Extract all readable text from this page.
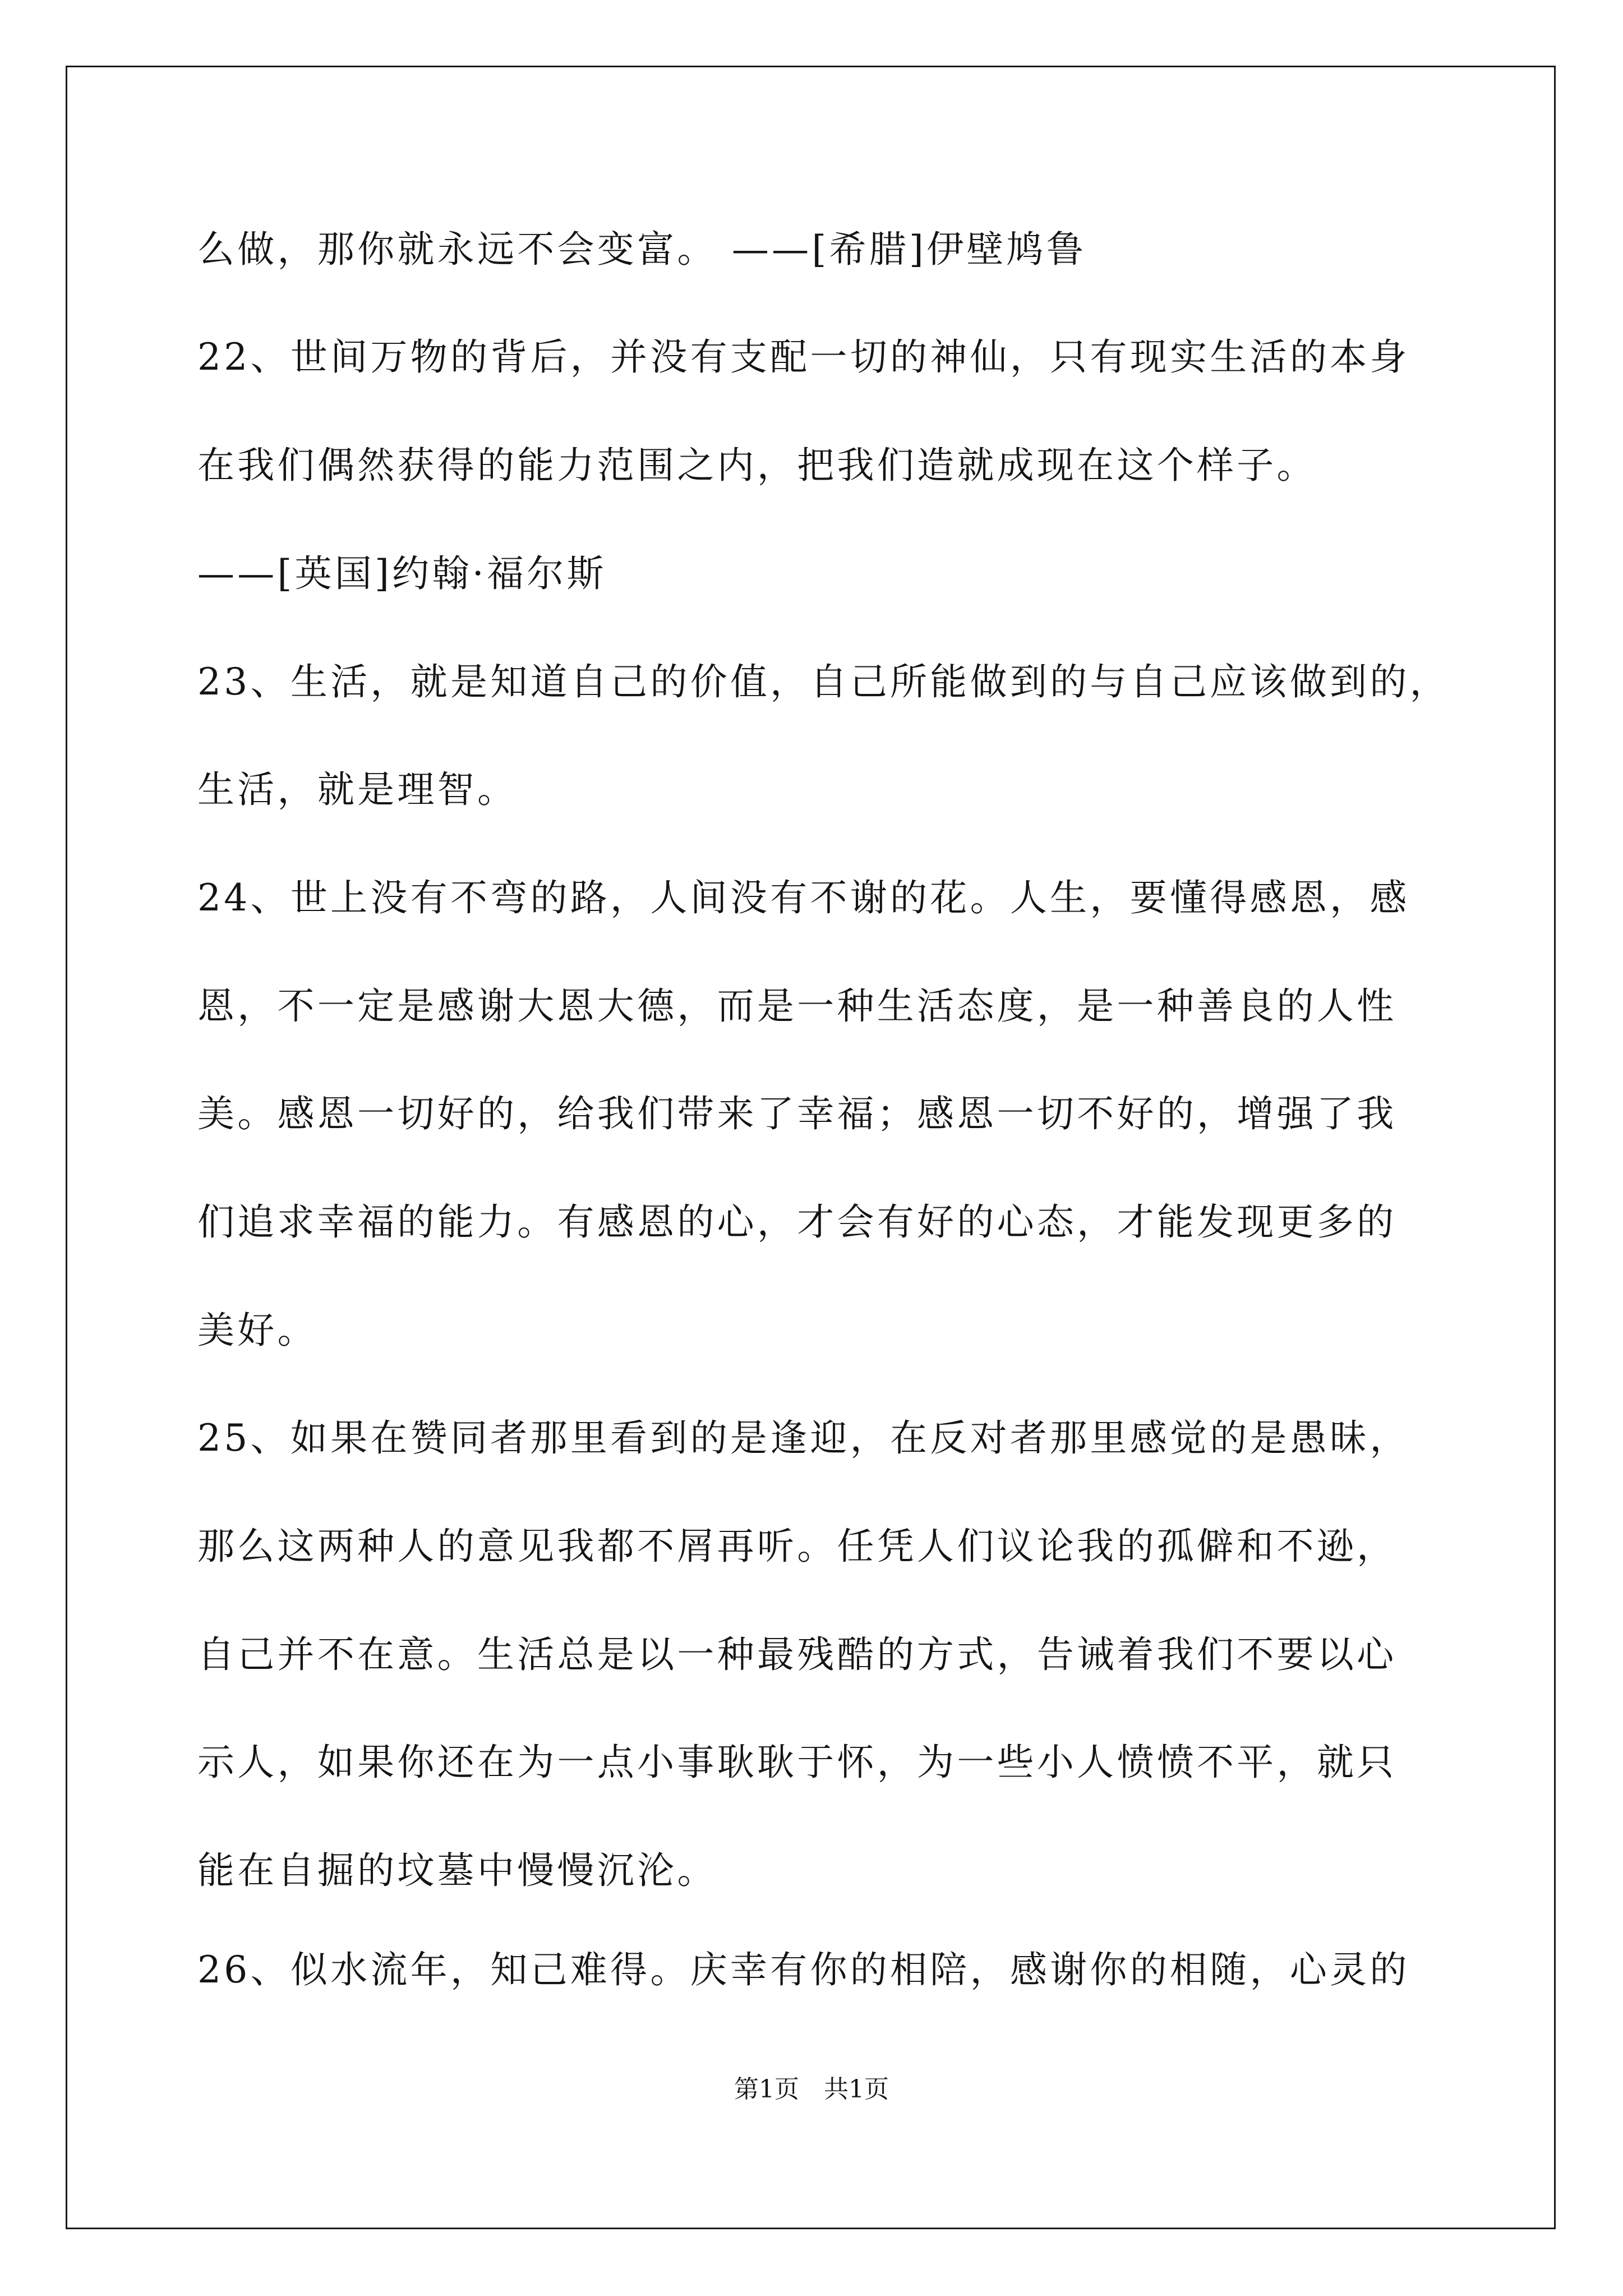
么做，那你就永远不会变富。 ——[希腊]伊壁鸠鲁
22、世间万物的背后，并没有支配一切的神仙，只有现实生活的本身
在我们偶然获得的能力范围之内，把我们造就成现在这个样子。
——[英国]约翰·福尔斯
23、生活，就是知道自己的价值，自己所能做到的与自己应该做到的，
生活，就是理智。
24、世上没有不弯的路，人间没有不谢的花。人生，要懂得感恩，感
恩，不一定是感谢大恩大德，而是一种生活态度，是一种善良的人性
美。感恩一切好的，给我们带来了幸福；感恩一切不好的，增强了我
们追求幸福的能力。有感恩的心，才会有好的心态，才能发现更多的
美好。
25、如果在赞同者那里看到的是逢迎，在反对者那里感觉的是愚昧，
那么这两种人的意见我都不屑再听。任凭人们议论我的孤僻和不逊，
自己并不在意。生活总是以一种最残酷的方式，告诫着我们不要以心
示人，如果你还在为一点小事耿耿于怀，为一些小人愤愤不平，就只
能在自掘的坟墓中慢慢沉沦。
26、似水流年，知己难得。庆幸有你的相陪，感谢你的相随，心灵的
第1页　共1页
